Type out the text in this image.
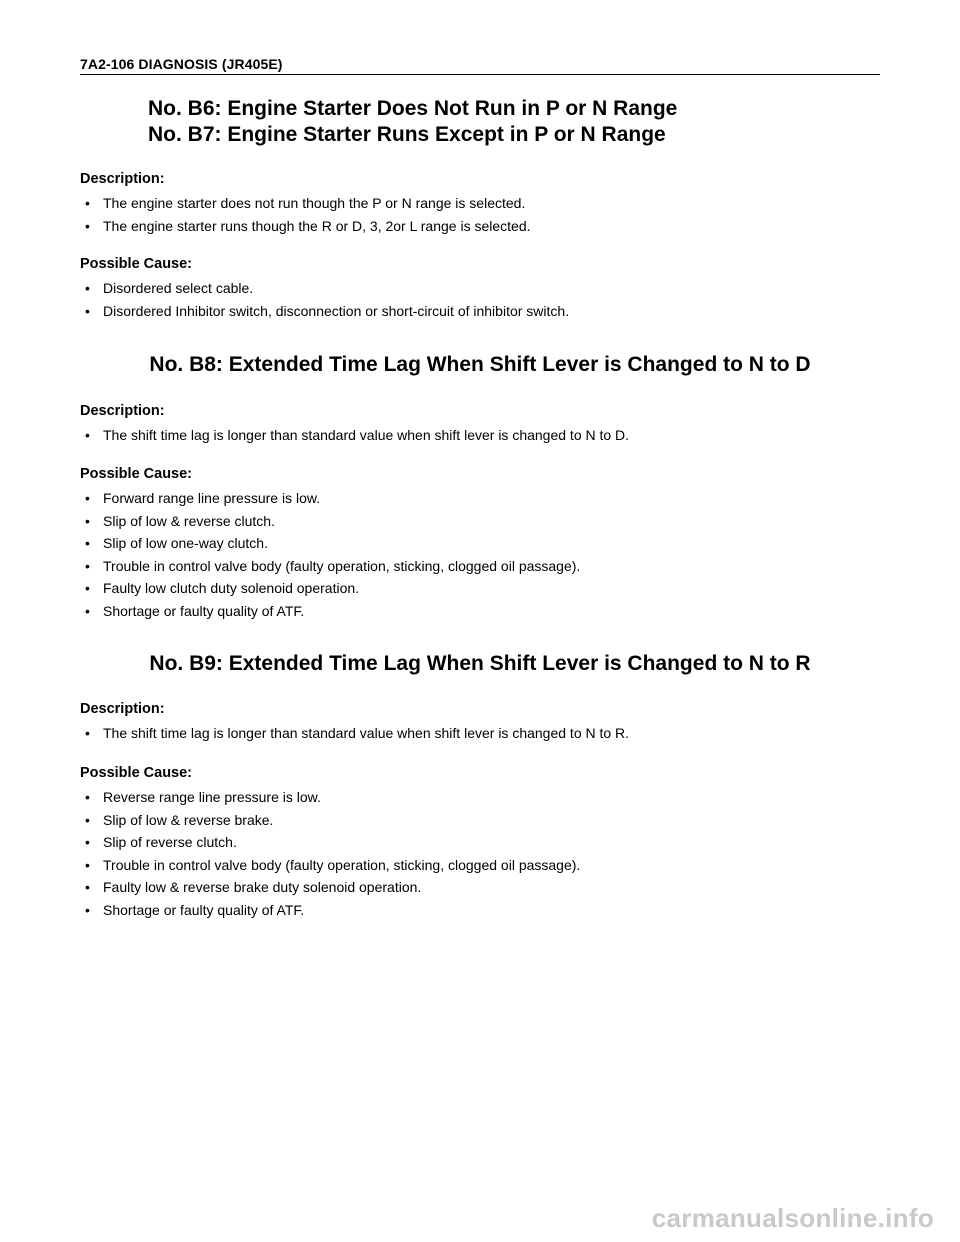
7A2-106 DIAGNOSIS (JR405E)
No. B6: Engine Starter Does Not Run in P or N Range
No. B7: Engine Starter Runs Except in P or N Range

Description:

• The engine starter does not run though the P or N range is selected.
• The engine starter runs though the R or D, 3, 2or L range is selected.

Possible Cause:

• Disordered select cable.
• Disordered Inhibitor switch, disconnection or short-circuit of inhibitor switch.
No. B8: Extended Time Lag When Shift Lever is Changed to N to D

Description:

• The shift time lag is longer than standard value when shift lever is changed to N to D.

Possible Cause:

• Forward range line pressure is low.
• Slip of low & reverse clutch.
• Slip of low one-way clutch.
• Trouble in control valve body (faulty operation, sticking, clogged oil passage).
• Faulty low clutch duty solenoid operation.
• Shortage or faulty quality of ATF.
No. B9: Extended Time Lag When Shift Lever is Changed to N to R

Description:

• The shift time lag is longer than standard value when shift lever is changed to N to R.

Possible Cause:

• Reverse range line pressure is low.
• Slip of low & reverse brake.
• Slip of reverse clutch.
• Trouble in control valve body (faulty operation, sticking, clogged oil passage).
• Faulty low & reverse brake duty solenoid operation.
• Shortage or faulty quality of ATF.
carmanualsonline.info
